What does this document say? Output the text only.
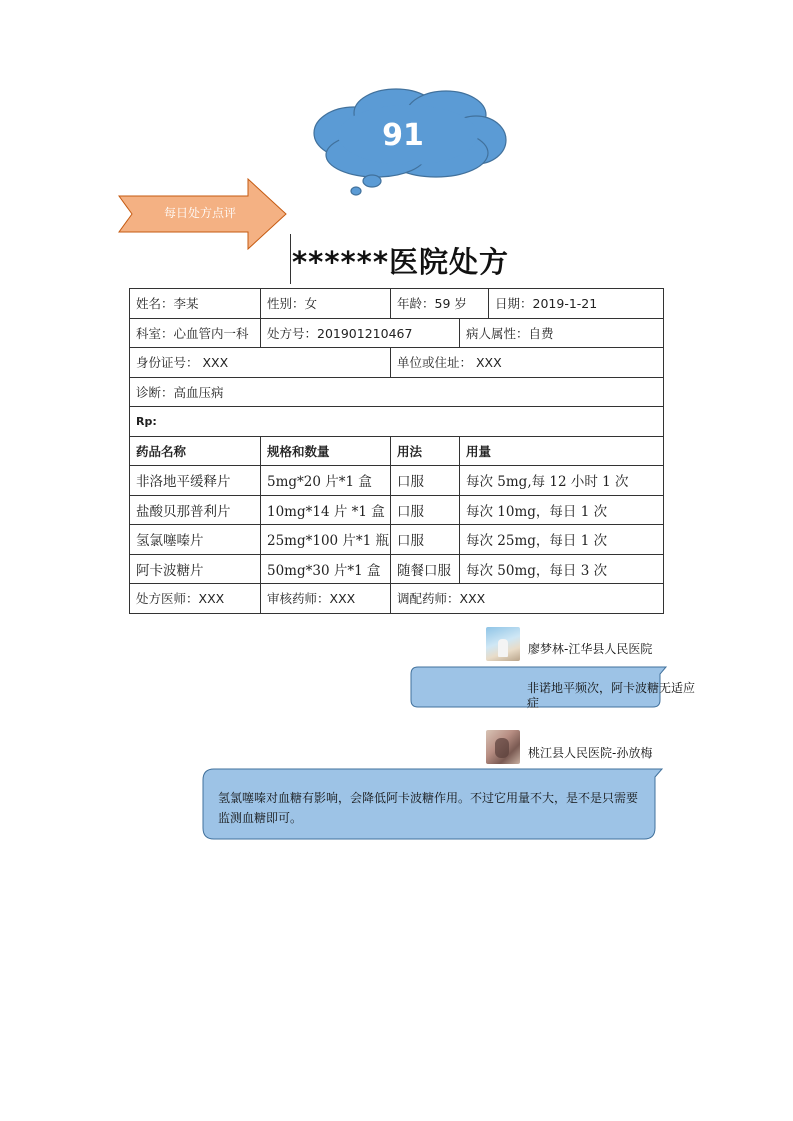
91
每日处方点评
******医院处方
姓名：李某	性别：女	年龄：59 岁		日期：2019-1-21
科室：心血管内一科	处方号：201901210467		病人属性：自费	
身份证号： XXX		单位或住址： XXX		
诊断：高血压病				
Rp:				
药品名称	规格和数量	用法	用量	
非洛地平缓释片	5mg*20 片*1 盒	口服	每次 5mg,每 12 小时 1 次	
盐酸贝那普利片	10mg*14 片 *1 盒	口服	每次 10mg，每日 1 次	
氢氯噻嗪片	25mg*100 片*1 瓶	口服	每次 25mg，每日 1 次	
阿卡波糖片	50mg*30 片*1 盒	随餐口服	每次 50mg，每日 3 次	
处方医师：XXX	审核药师：XXX	调配药师：XXX		
廖梦林-江华县人民医院
非诺地平频次，阿卡波糖无适应症
桃江县人民医院-孙放梅
氢氯噻嗪对血糖有影响，会降低阿卡波糖作用。不过它用量不大，是不是只需要监测血糖即可。
